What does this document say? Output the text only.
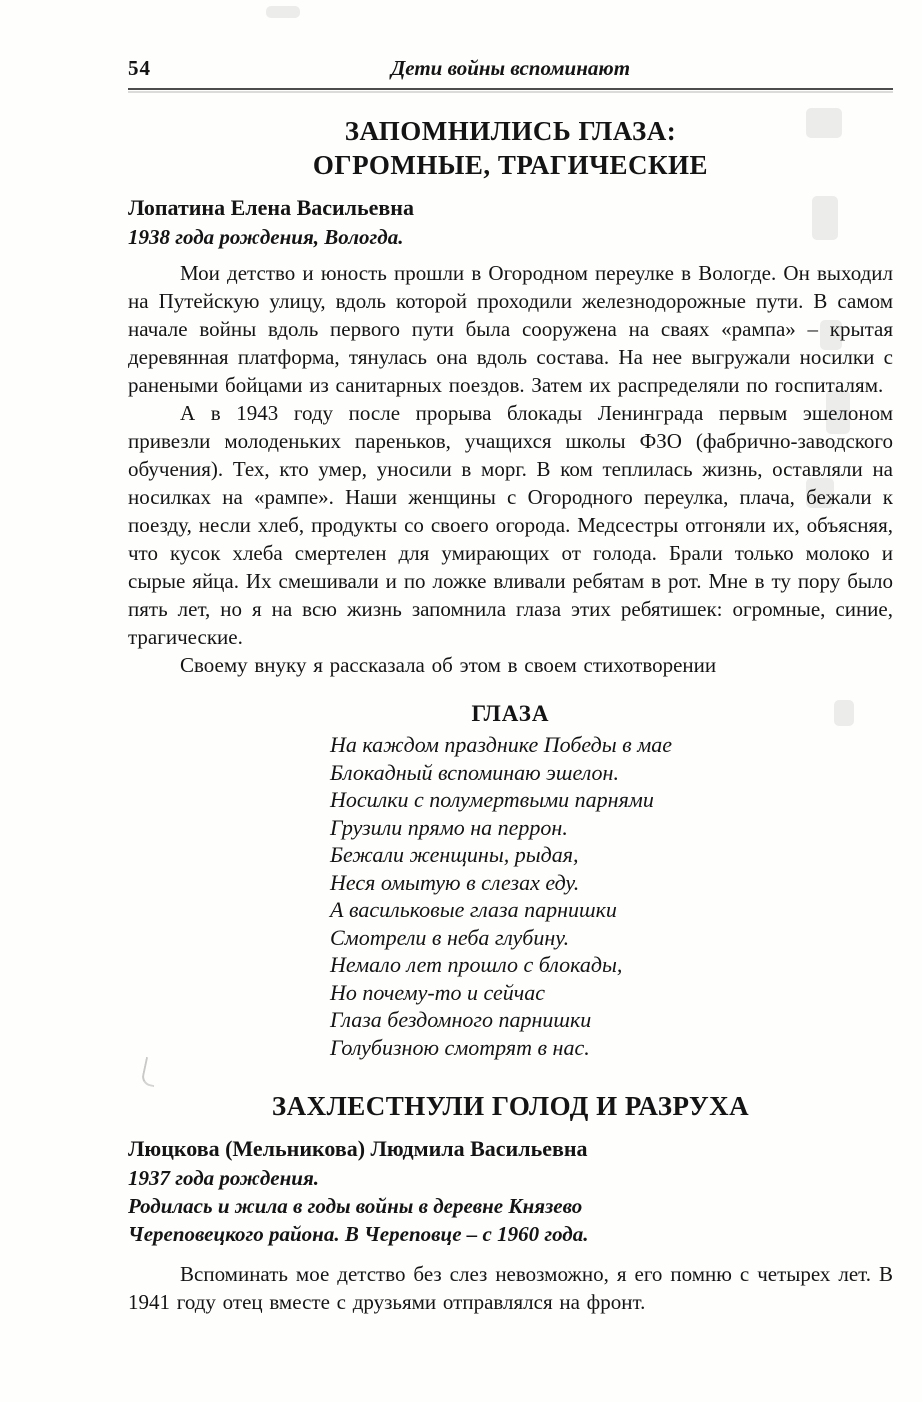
54	Дети войны вспоминают
ЗАПОМНИЛИСЬ ГЛАЗА:
ОГРОМНЫЕ, ТРАГИЧЕСКИЕ
Лопатина Елена Васильевна
1938 года рождения, Вологда.

Мои детство и юность прошли в Огородном переулке в Вологде. Он выходил на Путейскую улицу, вдоль которой проходили железнодорожные пути. В самом начале войны вдоль первого пути была сооружена на сваях «рампа» – крытая деревянная платформа, тянулась она вдоль состава. На нее выгружали носилки с ранеными бойцами из санитарных поездов. Затем их распределяли по госпиталям.

А в 1943 году после прорыва блокады Ленинграда первым эшелоном привезли молоденьких пареньков, учащихся школы ФЗО (фабрично-заводского обучения). Тех, кто умер, уносили в морг. В ком теплилась жизнь, оставляли на носилках на «рампе». Наши женщины с Огородного переулка, плача, бежали к поезду, несли хлеб, продукты со своего огорода. Медсестры отгоняли их, объясняя, что кусок хлеба смертелен для умирающих от голода. Брали только молоко и сырые яйца. Их смешивали и по ложке вливали ребятам в рот. Мне в ту пору было пять лет, но я на всю жизнь запомнила глаза этих ребятишек: огромные, синие, трагические.

Своему внуку я рассказала об этом в своем стихотворении

ГЛАЗА
На каждом празднике Победы в мае
Блокадный вспоминаю эшелон.
Носилки с полумертвыми парнями
Грузили прямо на перрон.
Бежали женщины, рыдая,
Неся омытую в слезах еду.
А васильковые глаза парнишки
Смотрели в неба глубину.
Немало лет прошло с блокады,
Но почему-то и сейчас
Глаза бездомного парнишки
Голубизною смотрят в нас.
ЗАХЛЕСТНУЛИ ГОЛОД И РАЗРУХА
Люцкова (Мельникова) Людмила Васильевна
1937 года рождения.
Родилась и жила в годы войны в деревне Князево
Череповецкого района. В Череповце – с 1960 года.

Вспоминать мое детство без слез невозможно, я его помню с четырех лет. В 1941 году отец вместе с друзьями отправлялся на фронт.
